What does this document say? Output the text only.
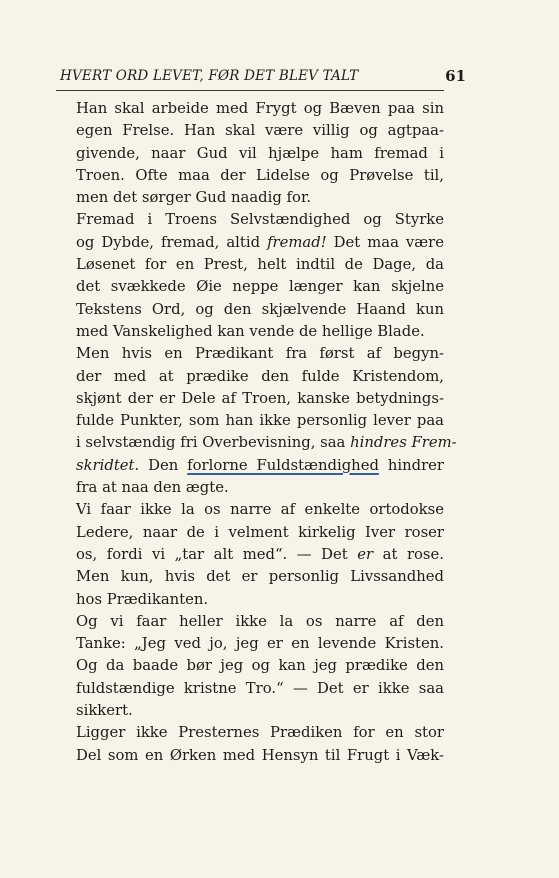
HVERT ORD LEVET, FØR DET BLEV TALT	61
Han skal arbeide med Frygt og Bæven paa sin
egen Frelse. Han skal være villig og agtpaa-
givende, naar Gud vil hjælpe ham fremad i
Troen. Ofte maa der Lidelse og Prøvelse til,
men det sørger Gud naadig for.
Fremad i Troens Selvstændighed og Styrke
og Dybde, fremad, altid fremad! Det maa være
Løsenet for en Prest, helt indtil de Dage, da
det svækkede Øie neppe længer kan skjelne
Tekstens Ord, og den skjælvende Haand kun
med Vanskelighed kan vende de hellige Blade.
Men hvis en Prædikant fra først af begyn-
der med at prædike den fulde Kristendom,
skjønt der er Dele af Troen, kanske betydnings-
fulde Punkter, som han ikke personlig lever paa
i selvstændig fri Overbevisning, saa hindres Frem-
skridtet. Den forlorne Fuldstændighed hindrer
fra at naa den ægte.
Vi faar ikke la os narre af enkelte ortodokse
Ledere, naar de i velment kirkelig Iver roser
os, fordi vi „tar alt med“. — Det er at rose.
Men kun, hvis det er personlig Livssandhed
hos Prædikanten.
Og vi faar heller ikke la os narre af den
Tanke: „Jeg ved jo, jeg er en levende Kristen.
Og da baade bør jeg og kan jeg prædike den
fuldstændige kristne Tro.“ — Det er ikke saa
sikkert.
Ligger ikke Presternes Prædiken for en stor
Del som en Ørken med Hensyn til Frugt i Væk-
